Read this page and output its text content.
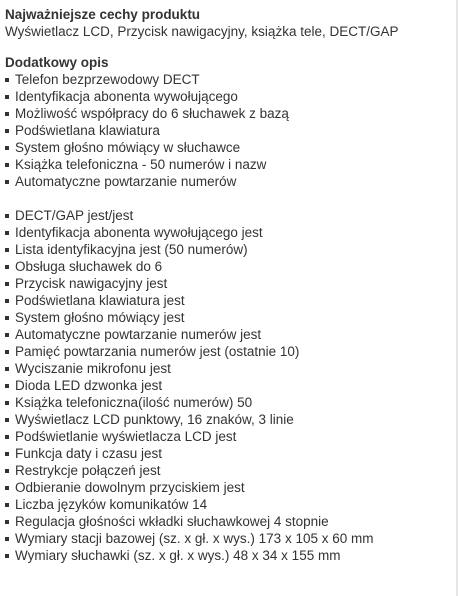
Najważniejsze cechy produktu
Wyświetlacz LCD, Przycisk nawigacyjny, książka tele, DECT/GAP
Dodatkowy opis
Telefon bezprzewodowy DECT
Identyfikacja abonenta wywołującego
Możliwość współpracy do 6 słuchawek z bazą
Podświetlana klawiatura
System głośno mówiący w słuchawce
Książka telefoniczna - 50 numerów i nazw
Automatyczne powtarzanie numerów
DECT/GAP jest/jest
Identyfikacja abonenta wywołującego jest
Lista identyfikacyjna jest (50 numerów)
Obsługa słuchawek do 6
Przycisk nawigacyjny jest
Podświetlana klawiatura jest
System głośno mówiący jest
Automatyczne powtarzanie numerów jest
Pamięć powtarzania numerów jest (ostatnie 10)
Wyciszanie mikrofonu jest
Dioda LED dzwonka jest
Książka telefoniczna(ilość numerów) 50
Wyświetlacz LCD punktowy, 16 znaków, 3 linie
Podświetlanie wyświetlacza LCD jest
Funkcja daty i czasu jest
Restrykcje połączeń jest
Odbieranie dowolnym przyciskiem jest
Liczba języków komunikatów 14
Regulacja głośności wkładki słuchawkowej 4 stopnie
Wymiary stacji bazowej (sz. x gł. x wys.) 173 x 105 x 60 mm
Wymiary słuchawki (sz. x gł. x wys.) 48 x 34 x 155 mm
